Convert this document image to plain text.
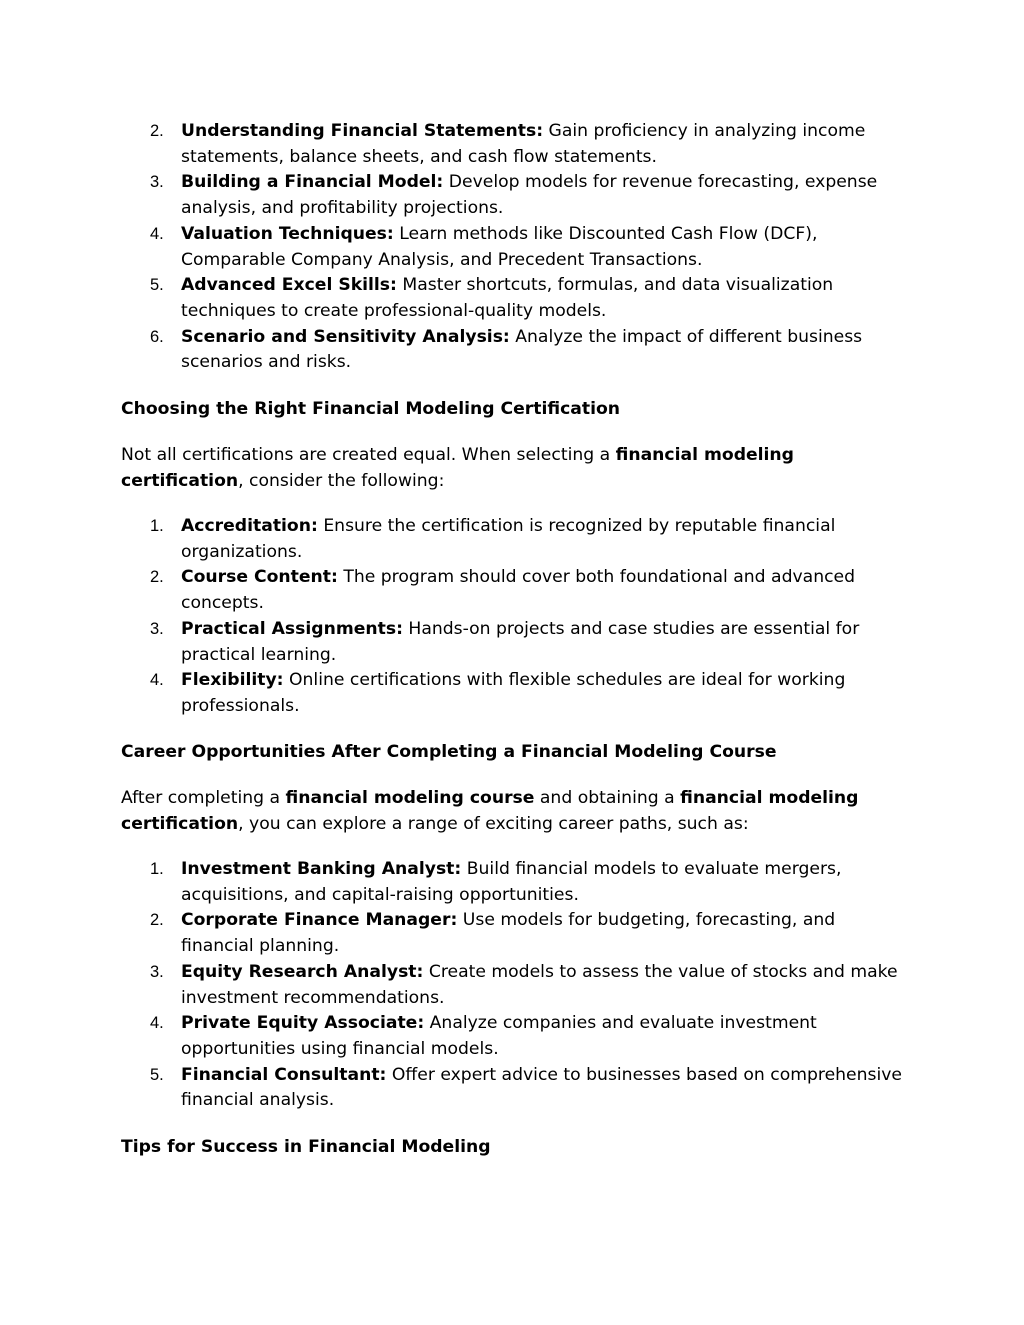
2. Understanding Financial Statements: Gain proficiency in analyzing income statements, balance sheets, and cash flow statements.
3. Building a Financial Model: Develop models for revenue forecasting, expense analysis, and profitability projections.
4. Valuation Techniques: Learn methods like Discounted Cash Flow (DCF), Comparable Company Analysis, and Precedent Transactions.
5. Advanced Excel Skills: Master shortcuts, formulas, and data visualization techniques to create professional-quality models.
6. Scenario and Sensitivity Analysis: Analyze the impact of different business scenarios and risks.
Choosing the Right Financial Modeling Certification

Not all certifications are created equal. When selecting a financial modeling certification, consider the following:

1. Accreditation: Ensure the certification is recognized by reputable financial organizations.
2. Course Content: The program should cover both foundational and advanced concepts.
3. Practical Assignments: Hands-on projects and case studies are essential for practical learning.
4. Flexibility: Online certifications with flexible schedules are ideal for working professionals.
Career Opportunities After Completing a Financial Modeling Course

After completing a financial modeling course and obtaining a financial modeling certification, you can explore a range of exciting career paths, such as:

1. Investment Banking Analyst: Build financial models to evaluate mergers, acquisitions, and capital-raising opportunities.
2. Corporate Finance Manager: Use models for budgeting, forecasting, and financial planning.
3. Equity Research Analyst: Create models to assess the value of stocks and make investment recommendations.
4. Private Equity Associate: Analyze companies and evaluate investment opportunities using financial models.
5. Financial Consultant: Offer expert advice to businesses based on comprehensive financial analysis.
Tips for Success in Financial Modeling
